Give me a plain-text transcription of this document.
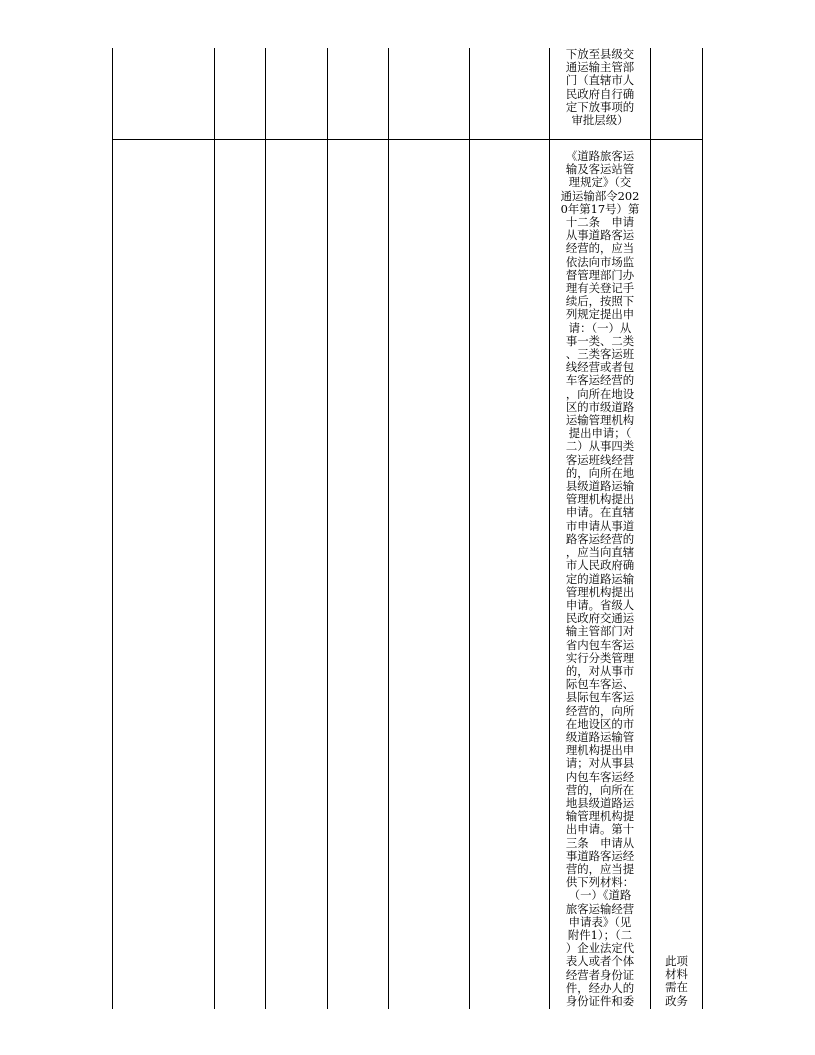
下放至县级交
通运输主管部
门（直辖市人
民政府自行确
定下放事项的
审批层级）
《道路旅客运
输及客运站管
理规定》（交
通运输部令202
0年第17号）第
十二条　申请
从事道路客运
经营的，应当
依法向市场监
督管理部门办
理有关登记手
续后，按照下
列规定提出申
请：（一）从
事一类、二类
、三类客运班
线经营或者包
车客运经营的
，向所在地设
区的市级道路
运输管理机构
提出申请；（
二）从事四类
客运班线经营
的，向所在地
县级道路运输
管理机构提出
申请。在直辖
市申请从事道
路客运经营的
，应当向直辖
市人民政府确
定的道路运输
管理机构提出
申请。省级人
民政府交通运
输主管部门对
省内包车客运
实行分类管理
的，对从事市
际包车客运、
县际包车客运
经营的，向所
在地设区的市
级道路运输管
理机构提出申
请；对从事县
内包车客运经
营的，向所在
地县级道路运
输管理机构提
出申请。第十
三条　申请从
事道路客运经
营的，应当提
供下列材料：
（一）《道路
旅客运输经营
申请表》（见
附件1）；（二
）企业法定代
表人或者个体
经营者身份证
件，经办人的
身份证件和委
此项
材料
需在
政务
